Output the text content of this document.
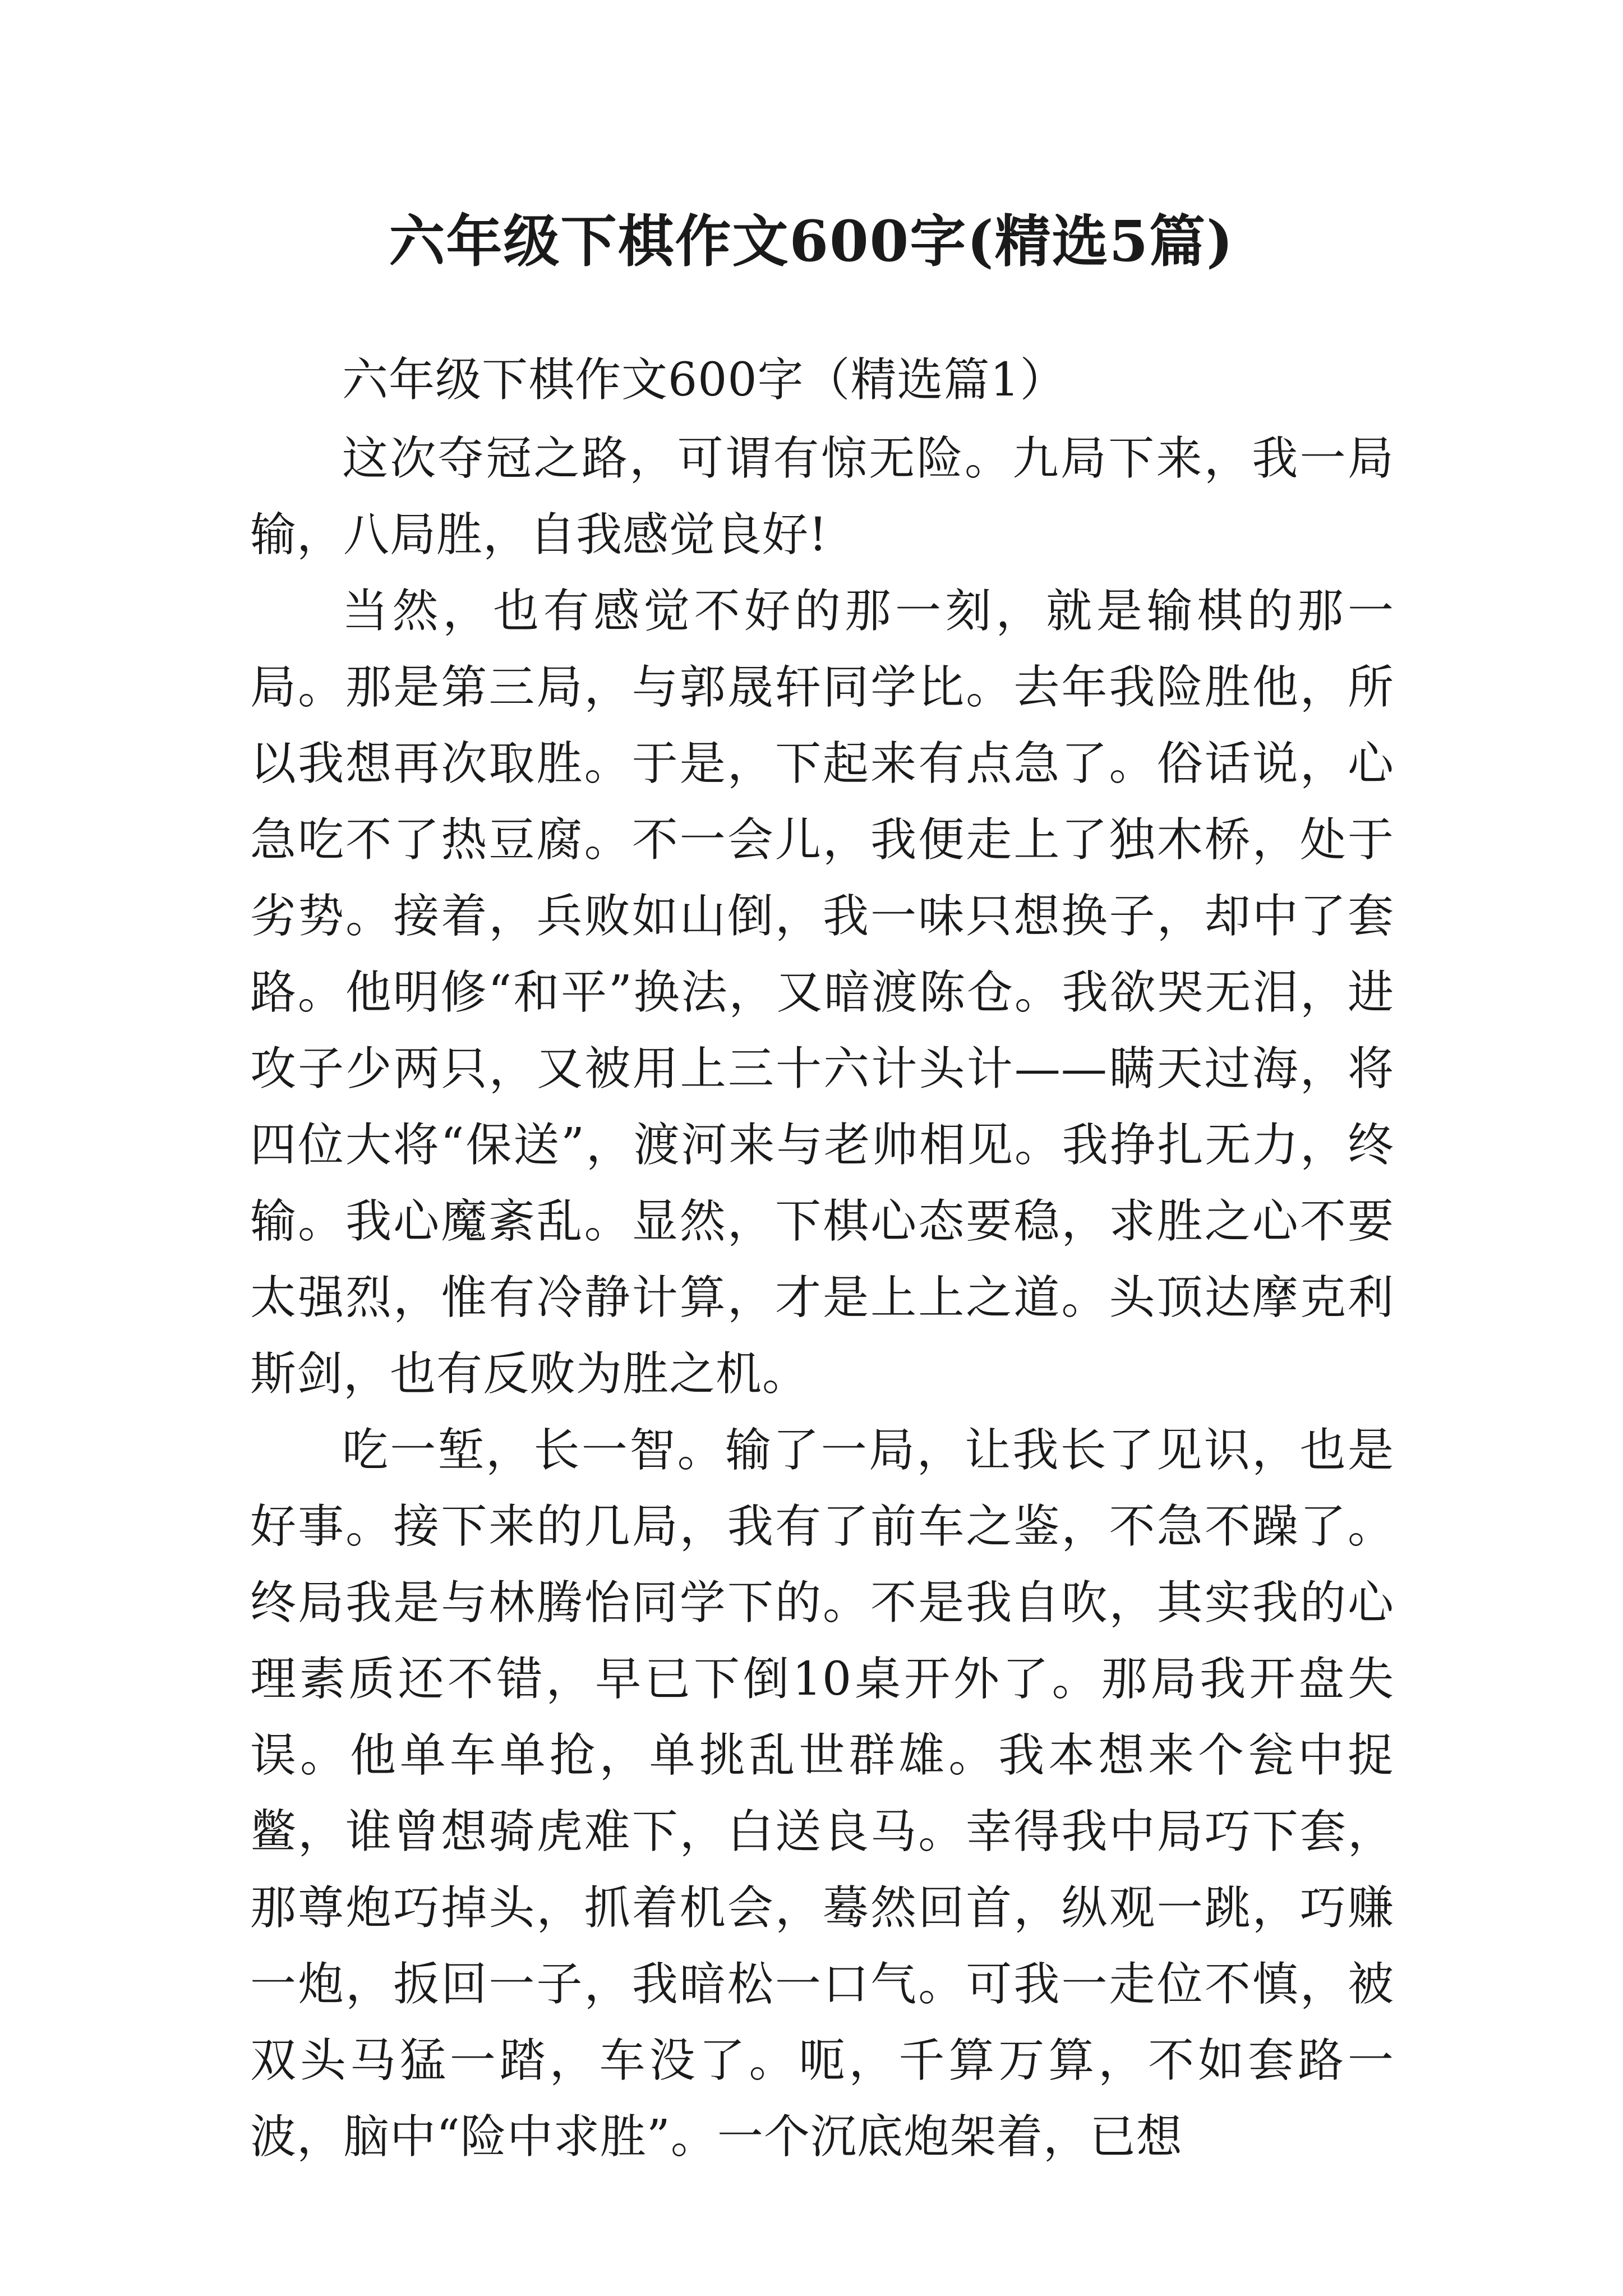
六年级下棋作文600字(精选5篇)

六年级下棋作文600字（精选篇1）

这次夺冠之路，可谓有惊无险。九局下来，我一局输，八局胜，自我感觉良好!

当然，也有感觉不好的那一刻，就是输棋的那一局。那是第三局，与郭晟轩同学比。去年我险胜他，所以我想再次取胜。于是，下起来有点急了。俗话说，心急吃不了热豆腐。不一会儿，我便走上了独木桥，处于劣势。接着，兵败如山倒，我一味只想换子，却中了套路。他明修“和平”换法，又暗渡陈仓。我欲哭无泪，进攻子少两只，又被用上三十六计头计——瞒天过海，将四位大将“保送”，渡河来与老帅相见。我挣扎无力，终输。我心魔紊乱。显然，下棋心态要稳，求胜之心不要太强烈，惟有冷静计算，才是上上之道。头顶达摩克利斯剑，也有反败为胜之机。

吃一堑，长一智。输了一局，让我长了见识，也是好事。接下来的几局，我有了前车之鉴，不急不躁了。终局我是与林腾怡同学下的。不是我自吹，其实我的心理素质还不错，早已下倒10桌开外了。那局我开盘失误。他单车单抢，单挑乱世群雄。我本想来个瓮中捉鳖，谁曾想骑虎难下，白送良马。幸得我中局巧下套，那尊炮巧掉头，抓着机会，蓦然回首，纵观一跳，巧赚一炮，扳回一子，我暗松一口气。可我一走位不慎，被双头马猛一踏，车没了。呃，千算万算，不如套路一波，脑中“险中求胜”。一个沉底炮架着，已想
